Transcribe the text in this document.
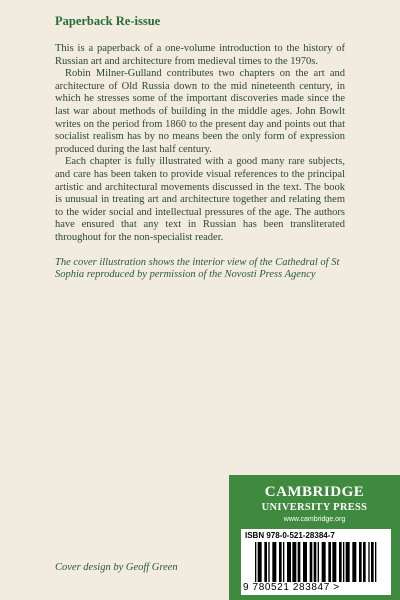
Paperback Re-issue

This is a paperback of a one-volume introduction to the history of Russian art and architecture from medieval times to the 1970s.

Robin Milner-Gulland contributes two chapters on the art and architecture of Old Russia down to the mid nineteenth century, in which he stresses some of the important discoveries made since the last war about methods of building in the middle ages. John Bowlt writes on the period from 1860 to the present day and points out that socialist realism has by no means been the only form of expression produced during the last half century.

Each chapter is fully illustrated with a good many rare subjects, and care has been taken to provide visual references to the principal artistic and architectural movements discussed in the text. The book is unusual in treating art and architecture together and relating them to the wider social and intellectual pressures of the age. The authors have ensured that any text in Russian has been transliterated throughout for the non-specialist reader.

The cover illustration shows the interior view of the Cathedral of St Sophia reproduced by permission of the Novosti Press Agency
Cover design by Geoff Green
CAMBRIDGE
UNIVERSITY PRESS
www.cambridge.org
ISBN 978-0-521-28384-7
9 780521 283847 >
